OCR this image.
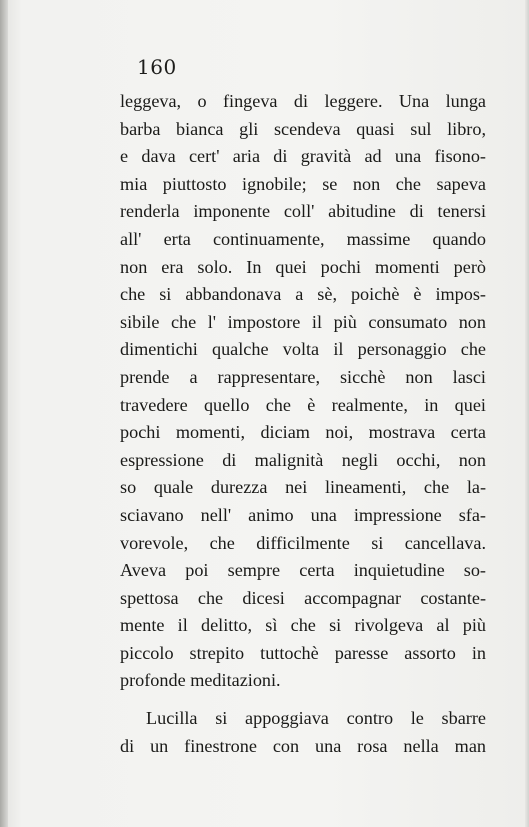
160
leggeva, o fingeva di leggere. Una lunga
barba bianca gli scendeva quasi sul libro,
e dava cert' aria di gravità ad una fisono-
mia piuttosto ignobile; se non che sapeva
renderla imponente coll' abitudine di tenersi
all' erta continuamente, massime quando
non era solo. In quei pochi momenti però
che si abbandonava a sè, poichè è impos-
sibile che l' impostore il più consumato non
dimentichi qualche volta il personaggio che
prende a rappresentare, sicchè non lasci
travedere quello che è realmente, in quei
pochi momenti, diciam noi, mostrava certa
espressione di malignità negli occhi, non
so quale durezza nei lineamenti, che la-
sciavano nell' animo una impressione sfa-
vorevole, che difficilmente si cancellava.
Aveva poi sempre certa inquietudine so-
spettosa che dicesi accompagnar costante-
mente il delitto, sì che si rivolgeva al più
piccolo strepito tuttochè paresse assorto in
profonde meditazioni.
Lucilla si appoggiava contro le sbarre
di un finestrone con una rosa nella man
